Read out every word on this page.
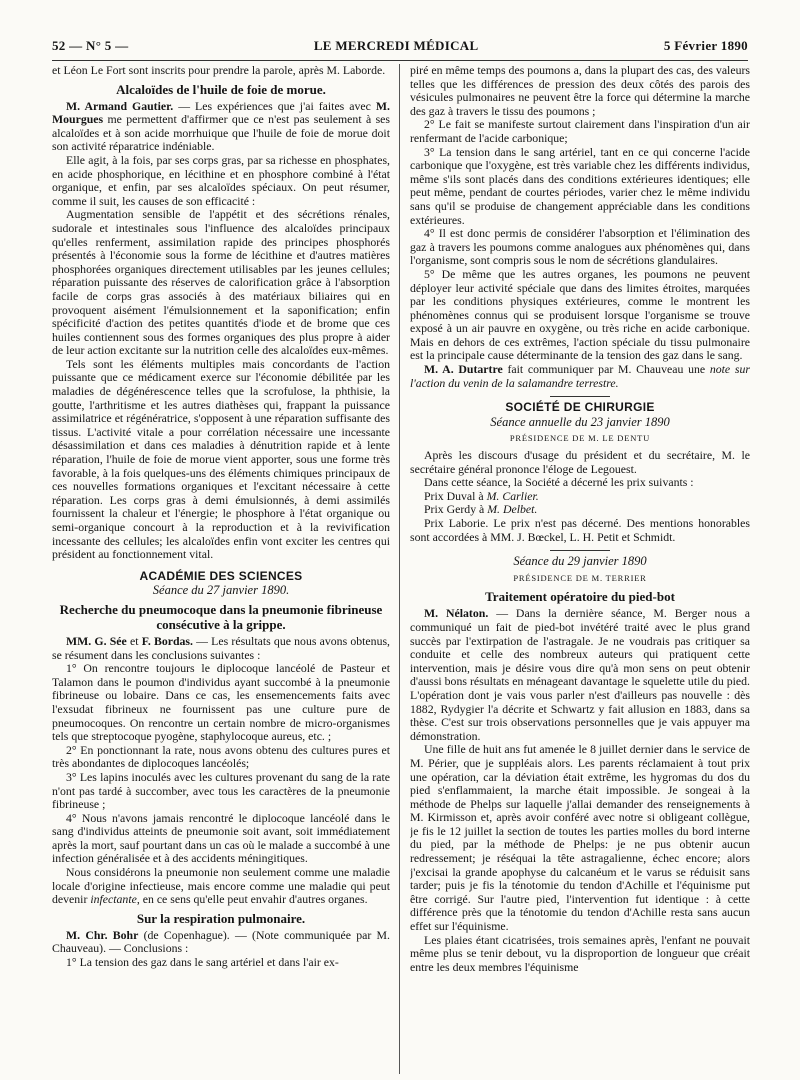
52 — N° 5 —	LE MERCREDI MÉDICAL	5 Février 1890

et Léon Le Fort sont inscrits pour prendre la parole, après M. Laborde.

Alcaloïdes de l'huile de foie de morue.

M. Armand Gautier. — Les expériences que j'ai faites avec M. Mourgues me permettent d'affirmer que ce n'est pas seulement à ses alcaloïdes et à son acide morrhuique que l'huile de foie de morue doit son activité réparatrice indéniable.

Elle agit, à la fois, par ses corps gras, par sa richesse en phosphates, en acide phosphorique, en lécithine et en phosphore combiné à l'état organique, et enfin, par ses alcaloïdes spéciaux. On peut résumer, comme il suit, les causes de son efficacité :

Augmentation sensible de l'appétit et des sécrétions rénales, sudorale et intestinales sous l'influence des alcaloïdes principaux qu'elles renferment, assimilation rapide des principes phosphorés présentés à l'économie sous la forme de lécithine et d'autres matières phosphorées organiques directement utilisables par les jeunes cellules; réparation puissante des réserves de calorification grâce à l'absorption facile de corps gras associés à des matériaux biliaires qui en provoquent aisément l'émulsionnement et la saponification; enfin spécificité d'action des petites quantités d'iode et de brome que ces huiles contiennent sous des formes organiques des plus propre à aider de leur action excitante sur la nutrition celle des alcaloïdes eux-mêmes.

Tels sont les éléments multiples mais concordants de l'action puissante que ce médicament exerce sur l'économie débilitée par les maladies de dégénérescence telles que la scrofulose, la phthisie, la goutte, l'arthritisme et les autres diathèses qui, frappant la puissance assimilatrice et régénératrice, s'opposent à une réparation suffisante des tissus. L'activité vitale a pour corrélation nécessaire une incessante désassimilation et dans ces maladies à dénutrition rapide et à lente réparation, l'huile de foie de morue vient apporter, sous une forme très favorable, à la fois quelques-uns des éléments chimiques principaux de ces nouvelles formations organiques et l'excitant nécessaire à cette réparation. Les corps gras à demi émulsionnés, à demi assimilés fournissent la chaleur et l'énergie; le phosphore à l'état organique ou semi-organique concourt à la reproduction et à la revivification incessante des cellules; les alcaloïdes enfin vont exciter les centres qui président au fonctionnement vital.

ACADÉMIE DES SCIENCES
Séance du 27 janvier 1890.
Recherche du pneumocoque dans la pneumonie fibrineuse consécutive à la grippe.

MM. G. Sée et F. Bordas. — Les résultats que nous avons obtenus, se résument dans les conclusions suivantes :

1° On rencontre toujours le diplocoque lancéolé de Pasteur et Talamon dans le poumon d'individus ayant succombé à la pneumonie fibrineuse ou lobaire. Dans ce cas, les ensemencements faits avec l'exsudat fibrineux ne fournissent pas une culture pure de pneumocoques. On rencontre un certain nombre de micro-organismes tels que streptocoque pyogène, staphylocoque aureus, etc. ;

2° En ponctionnant la rate, nous avons obtenu des cultures pures et très abondantes de diplocoques lancéolés;

3° Les lapins inoculés avec les cultures provenant du sang de la rate n'ont pas tardé à succomber, avec tous les caractères de la pneumonie fibrineuse ;

4° Nous n'avons jamais rencontré le diplocoque lancéolé dans le sang d'individus atteints de pneumonie soit avant, soit immédiatement après la mort, sauf pourtant dans un cas où le malade a succombé à une infection généralisée et à des accidents méningitiques.

Nous considérons la pneumonie non seulement comme une maladie locale d'origine infectieuse, mais encore comme une maladie qui peut devenir infectante, en ce sens qu'elle peut envahir d'autres organes.

Sur la respiration pulmonaire.

M. Chr. Bohr (de Copenhague). — (Note communiquée par M. Chauveau). — Conclusions :

1° La tension des gaz dans le sang artériel et dans l'air ex-

piré en même temps des poumons a, dans la plupart des cas, des valeurs telles que les différences de pression des deux côtés des parois des vésicules pulmonaires ne peuvent être la force qui détermine la marche des gaz à travers le tissu des poumons ;

2° Le fait se manifeste surtout clairement dans l'inspiration d'un air renfermant de l'acide carbonique;

3° La tension dans le sang artériel, tant en ce qui concerne l'acide carbonique que l'oxygène, est très variable chez les différents individus, même s'ils sont placés dans des conditions extérieures identiques; elle peut même, pendant de courtes périodes, varier chez le même individu sans qu'il se produise de changement appréciable dans les conditions extérieures.

4° Il est donc permis de considérer l'absorption et l'élimination des gaz à travers les poumons comme analogues aux phénomènes qui, dans l'organisme, sont compris sous le nom de sécrétions glandulaires.

5° De même que les autres organes, les poumons ne peuvent déployer leur activité spéciale que dans des limites étroites, marquées par les conditions physiques extérieures, comme le montrent les phénomènes connus qui se produisent lorsque l'organisme se trouve exposé à un air pauvre en oxygène, ou très riche en acide carbonique. Mais en dehors de ces extrêmes, l'action spéciale du tissu pulmonaire est la principale cause déterminante de la tension des gaz dans le sang.

M. A. Dutartre fait communiquer par M. Chauveau une note sur l'action du venin de la salamandre terrestre.

SOCIÉTÉ DE CHIRURGIE
Séance annuelle du 23 janvier 1890
PRÉSIDENCE DE M. LE DENTU

Après les discours d'usage du président et du secrétaire, M. le secrétaire général prononce l'éloge de Legouest.

Dans cette séance, la Société a décerné les prix suivants :

Prix Duval à M. Carlier.

Prix Gerdy à M. Delbet.

Prix Laborie. Le prix n'est pas décerné. Des mentions honorables sont accordées à MM. J. Bœckel, L. H. Petit et Schmidt.

Séance du 29 janvier 1890
PRÉSIDENCE DE M. TERRIER
Traitement opératoire du pied-bot

M. Nélaton. — Dans la dernière séance, M. Berger nous a communiqué un fait de pied-bot invétéré traité avec le plus grand succès par l'extirpation de l'astragale. Je ne voudrais pas critiquer sa conduite et celle des nombreux auteurs qui pratiquent cette intervention, mais je désire vous dire qu'à mon sens on peut obtenir d'aussi bons résultats en ménageant davantage le squelette utile du pied. L'opération dont je vais vous parler n'est d'ailleurs pas nouvelle : dès 1882, Rydygier l'a décrite et Schwartz y fait allusion en 1883, dans sa thèse. C'est sur trois observations personnelles que je vais appuyer ma démonstration.

Une fille de huit ans fut amenée le 8 juillet dernier dans le service de M. Périer, que je suppléais alors. Les parents réclamaient à tout prix une opération, car la déviation était extrême, les hygromas du dos du pied s'enflammaient, la marche était impossible. Je songeai à la méthode de Phelps sur laquelle j'allai demander des renseignements à M. Kirmisson et, après avoir conféré avec notre si obligeant collègue, je fis le 12 juillet la section de toutes les parties molles du bord interne du pied, par la méthode de Phelps: je ne pus obtenir aucun redressement; je réséquai la tête astragalienne, échec encore; alors j'excisai la grande apophyse du calcanéum et le varus se réduisit sans tarder; puis je fis la ténotomie du tendon d'Achille et l'équinisme put être corrigé. Sur l'autre pied, l'intervention fut identique : à cette différence près que la ténotomie du tendon d'Achille resta sans aucun effet sur l'équinisme.

Les plaies étant cicatrisées, trois semaines après, l'enfant ne pouvait même plus se tenir debout, vu la disproportion de longueur que créait entre les deux membres l'équinisme
